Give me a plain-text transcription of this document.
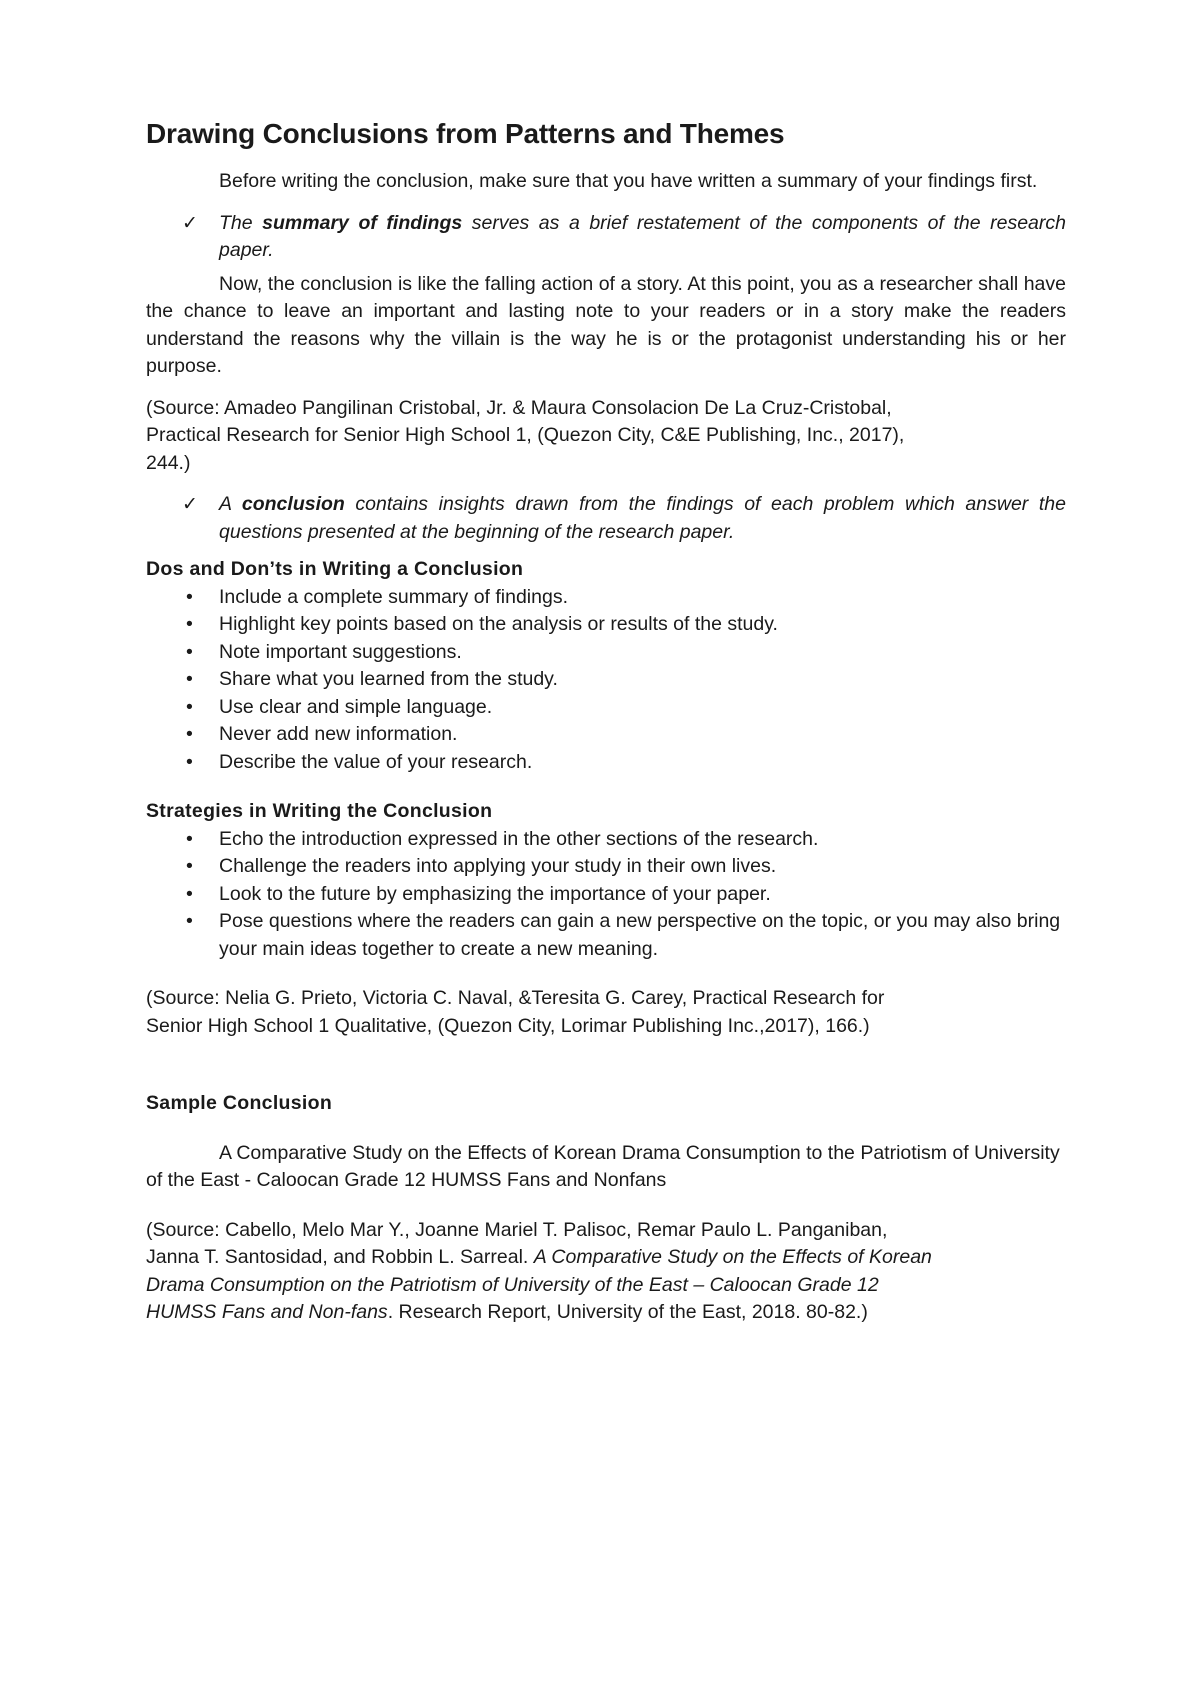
Drawing Conclusions from Patterns and Themes

Before writing the conclusion, make sure that you have written a summary of your findings first.

✓ The summary of findings serves as a brief restatement of the components of the research paper.

Now, the conclusion is like the falling action of a story. At this point, you as a researcher shall have the chance to leave an important and lasting note to your readers or in a story make the readers understand the reasons why the villain is the way he is or the protagonist understanding his or her purpose.

(Source: Amadeo Pangilinan Cristobal, Jr. & Maura Consolacion De La Cruz-Cristobal,
Practical Research for Senior High School 1, (Quezon City, C&E Publishing, Inc., 2017),
244.)

✓ A conclusion contains insights drawn from the findings of each problem which answer the questions presented at the beginning of the research paper.

Dos and Don’ts in Writing a Conclusion

• Include a complete summary of findings.
• Highlight key points based on the analysis or results of the study.
• Note important suggestions.
• Share what you learned from the study.
• Use clear and simple language.
• Never add new information.
• Describe the value of your research.

Strategies in Writing the Conclusion

• Echo the introduction expressed in the other sections of the research.
• Challenge the readers into applying your study in their own lives.
• Look to the future by emphasizing the importance of your paper.
• Pose questions where the readers can gain a new perspective on the topic, or you may also bring your main ideas together to create a new meaning.

(Source: Nelia G. Prieto, Victoria C. Naval, &Teresita G. Carey, Practical Research for
Senior High School 1 Qualitative, (Quezon City, Lorimar Publishing Inc.,2017), 166.)

Sample Conclusion

A Comparative Study on the Effects of Korean Drama Consumption to the Patriotism of University of the East - Caloocan Grade 12 HUMSS Fans and Nonfans

(Source: Cabello, Melo Mar Y., Joanne Mariel T. Palisoc, Remar Paulo L. Panganiban,
Janna T. Santosidad, and Robbin L. Sarreal. A Comparative Study on the Effects of Korean
Drama Consumption on the Patriotism of University of the East – Caloocan Grade 12
HUMSS Fans and Non-fans. Research Report, University of the East, 2018. 80-82.)
